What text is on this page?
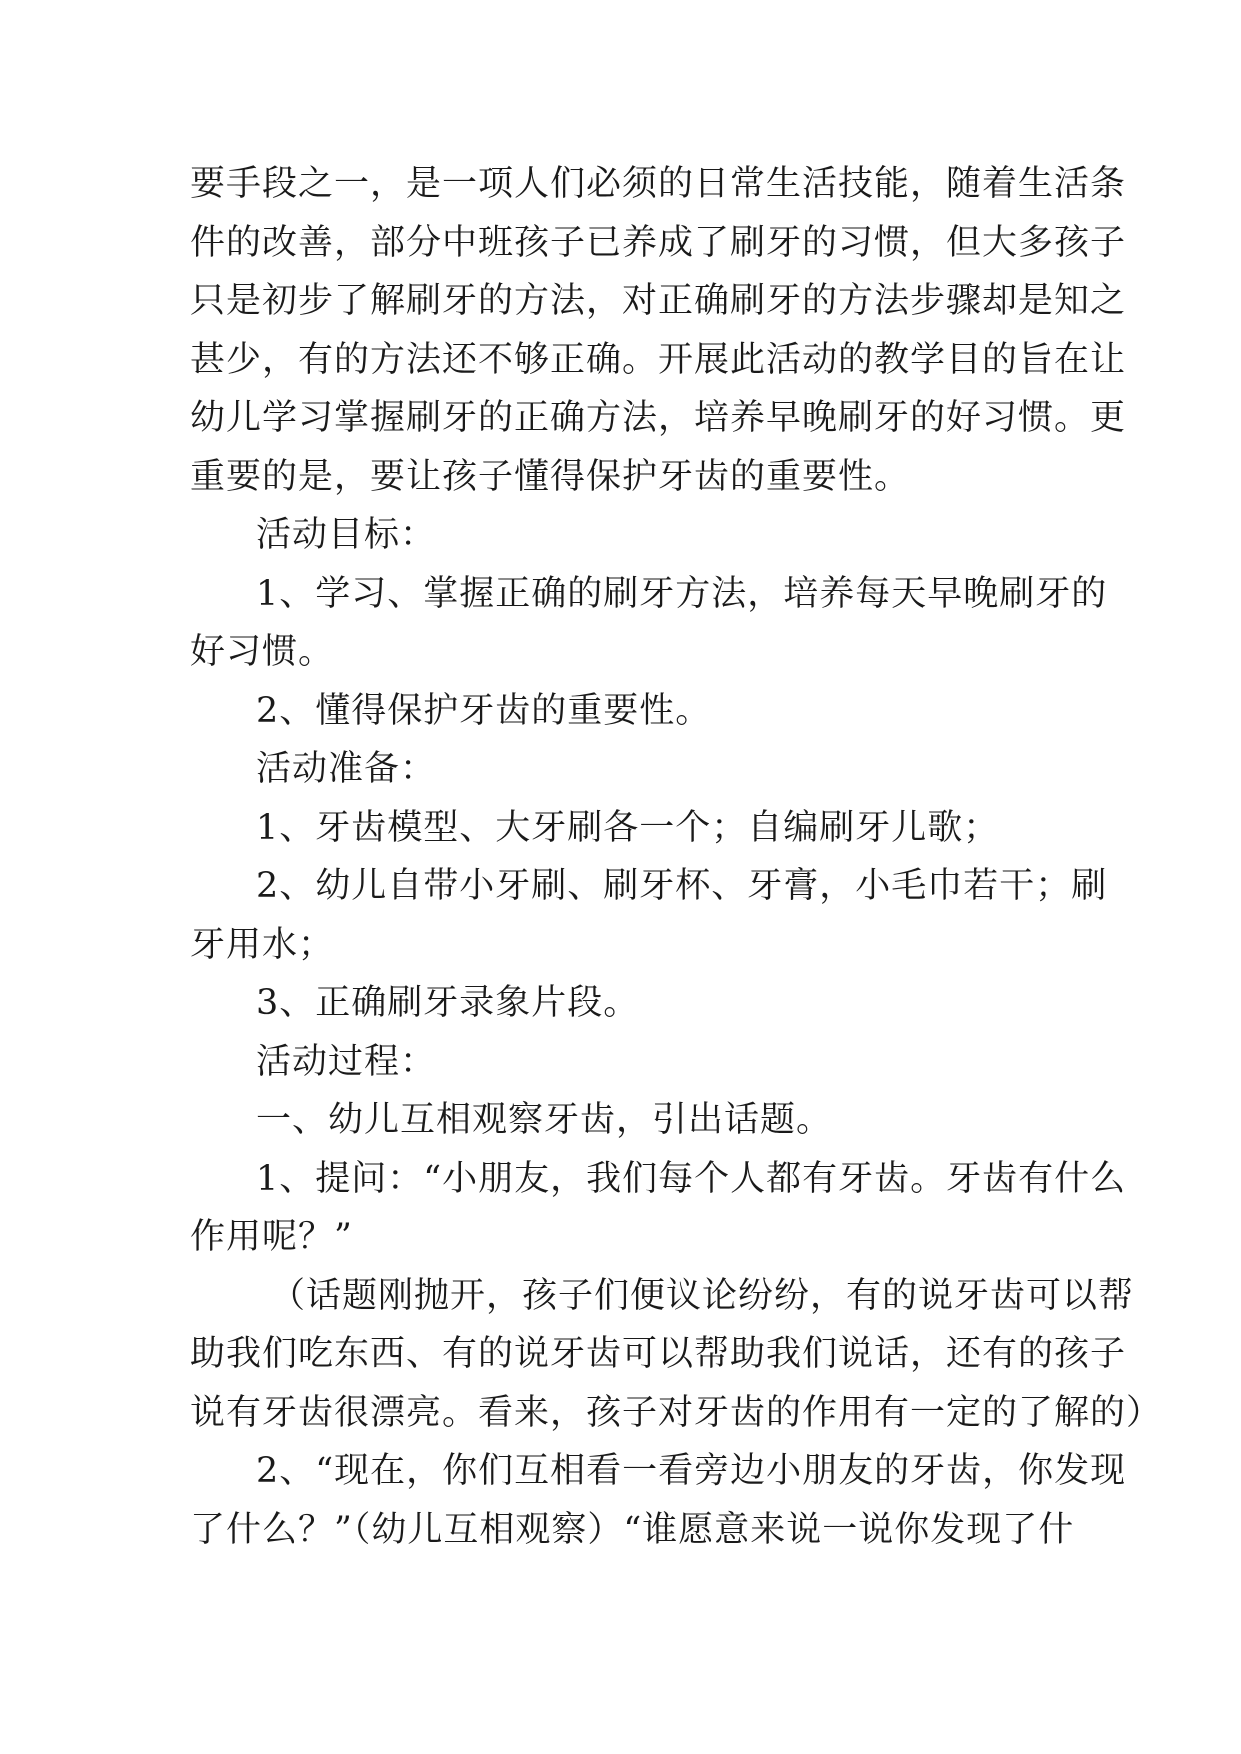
要手段之一，是一项人们必须的日常生活技能，随着生活条
件的改善，部分中班孩子已养成了刷牙的习惯，但大多孩子
只是初步了解刷牙的方法，对正确刷牙的方法步骤却是知之
甚少，有的方法还不够正确。开展此活动的教学目的旨在让
幼儿学习掌握刷牙的正确方法，培养早晚刷牙的好习惯。更
重要的是，要让孩子懂得保护牙齿的重要性。

活动目标：

1、学习、掌握正确的刷牙方法，培养每天早晚刷牙的
好习惯。

2、懂得保护牙齿的重要性。

活动准备：

1、牙齿模型、大牙刷各一个；自编刷牙儿歌；

2、幼儿自带小牙刷、刷牙杯、牙膏，小毛巾若干；刷
牙用水；

3、正确刷牙录象片段。

活动过程：

一、幼儿互相观察牙齿，引出话题。

1、提问：“小朋友，我们每个人都有牙齿。牙齿有什么
作用呢？”

（话题刚抛开，孩子们便议论纷纷，有的说牙齿可以帮
助我们吃东西、有的说牙齿可以帮助我们说话，还有的孩子
说有牙齿很漂亮。看来，孩子对牙齿的作用有一定的了解的）

2、“现在，你们互相看一看旁边小朋友的牙齿，你发现
了什么？”（幼儿互相观察）“谁愿意来说一说你发现了什
